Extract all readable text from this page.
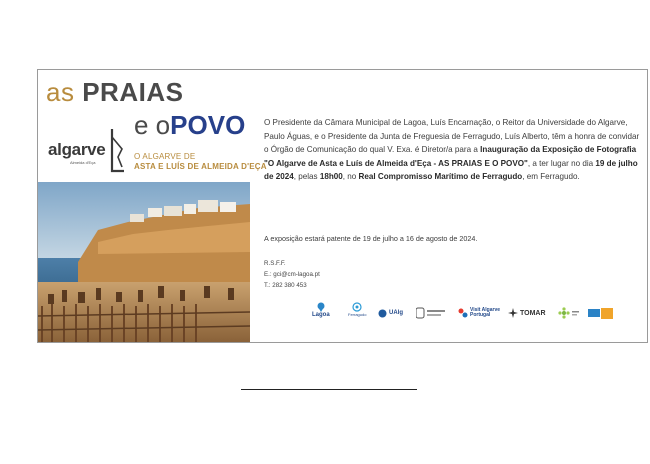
as PRAIAS
e oPOVO
algarve
Almeida d'Eça
O ALGARVE DE
ASTA E LUÍS DE ALMEIDA D'EÇA

O Presidente da Câmara Municipal de Lagoa, Luís Encarnação, o Reitor da Universidade do Algarve, Paulo Águas, e o Presidente da Junta de Freguesia de Ferragudo, Luís Alberto, têm a honra de convidar o Órgão de Comunicação do qual V. Exa. é Diretor/a para a Inauguração da Exposição de Fotografia "O Algarve de Asta e Luís de Almeida d'Eça - AS PRAIAS E O POVO", a ter lugar no dia 19 de julho de 2024, pelas 18h00, no Real Compromisso Marítimo de Ferragudo, em Ferragudo.

A exposição estará patente de 19 de julho a 16 de agosto de 2024.

R.S.F.F.
E.: gci@cm-lagoa.pt
T.: 282 380 453
Lagoa	Ferragudo	UAlg	Visit Algarve Portugal	TOMAR
